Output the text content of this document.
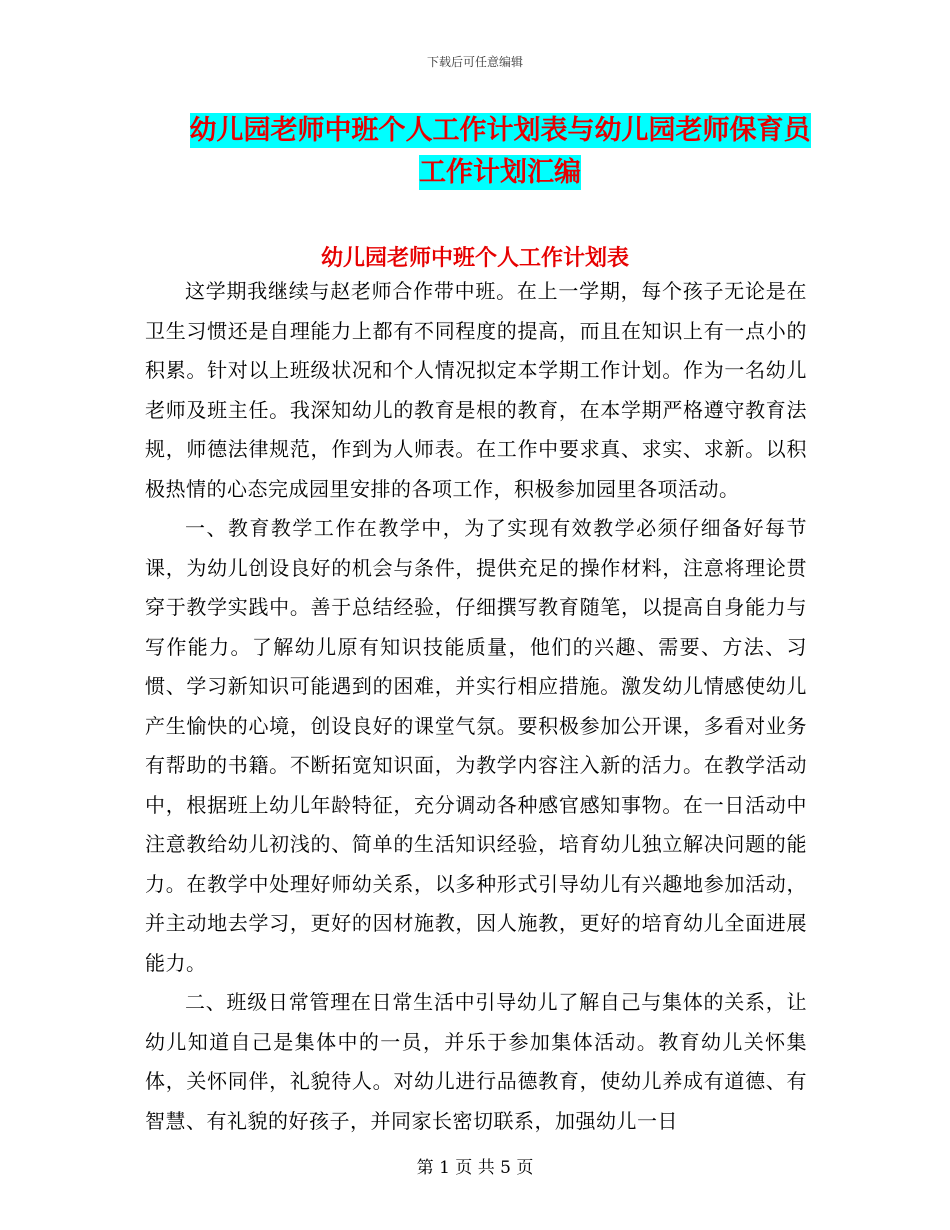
下载后可任意编辑
幼儿园老师中班个人工作计划表与幼儿园老师保育员
工作计划汇编
幼儿园老师中班个人工作计划表

这学期我继续与赵老师合作带中班。在上一学期，每个孩子无论是在卫生习惯还是自理能力上都有不同程度的提高，而且在知识上有一点小的积累。针对以上班级状况和个人情况拟定本学期工作计划。作为一名幼儿老师及班主任。我深知幼儿的教育是根的教育，在本学期严格遵守教育法规，师德法律规范，作到为人师表。在工作中要求真、求实、求新。以积极热情的心态完成园里安排的各项工作，积极参加园里各项活动。

一、教育教学工作在教学中，为了实现有效教学必须仔细备好每节课，为幼儿创设良好的机会与条件，提供充足的操作材料，注意将理论贯穿于教学实践中。善于总结经验，仔细撰写教育随笔，以提高自身能力与写作能力。了解幼儿原有知识技能质量，他们的兴趣、需要、方法、习惯、学习新知识可能遇到的困难，并实行相应措施。激发幼儿情感使幼儿产生愉快的心境，创设良好的课堂气氛。要积极参加公开课，多看对业务有帮助的书籍。不断拓宽知识面，为教学内容注入新的活力。在教学活动中，根据班上幼儿年龄特征，充分调动各种感官感知事物。在一日活动中注意教给幼儿初浅的、简单的生活知识经验，培育幼儿独立解决问题的能力。在教学中处理好师幼关系，以多种形式引导幼儿有兴趣地参加活动，并主动地去学习，更好的因材施教，因人施教，更好的培育幼儿全面进展能力。

二、班级日常管理在日常生活中引导幼儿了解自己与集体的关系，让幼儿知道自己是集体中的一员，并乐于参加集体活动。教育幼儿关怀集体，关怀同伴，礼貌待人。对幼儿进行品德教育，使幼儿养成有道德、有智慧、有礼貌的好孩子，并同家长密切联系，加强幼儿一日

第 1 页 共 5 页
